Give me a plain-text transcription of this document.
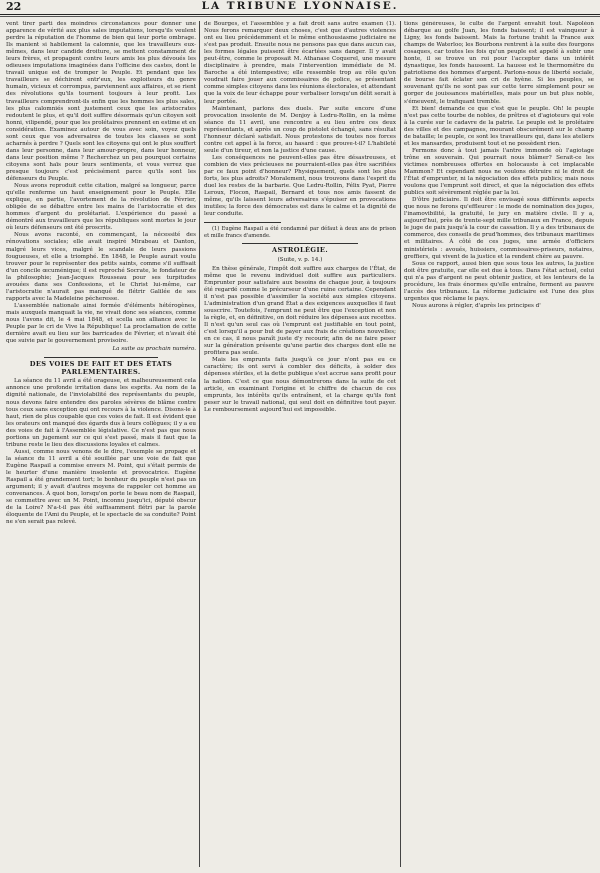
22	LA TRIBUNE LYONNAISE.

vent tirer parti des moindres circonstances pour donner une apparence de vérité aux plus sales imputations, lorsqu'ils veulent perdre la réputation de l'homme de bien qui leur porte ombrage. Ils manient si habilement la calomnie, que les travailleurs eux-mêmes, dans leur candide droiture, se mettent constamment de leurs frères, et propagent contre leurs amis les plus dévoués les odieuses imputations imaginées dans l'officine des castes, dont le travail unique est de tromper le Peuple. Et pendant que les travailleurs se déchirent entr'eux, les exploiteurs du genre humain, vicieux et corrompus, parviennent aux affaires, et se rient des révolutions qu'ils tournent toujours à leur profit. Les travailleurs comprendront-ils enfin que les hommes les plus sales, les plus calomniés sont justement ceux que les aristocrates redoutent le plus, et qu'il doit suffire désormais qu'un citoyen soit honni, vilipendé, pour que les prolétaires prennent en estime et en considération. Examinez autour de vous avec soin, voyez quels sont ceux que vos adversaires de toutes les classes se sont acharnés à perdre ? Quels sont les citoyens qui ont le plus souffert dans leur personne, dans leur amour-propre, dans leur honneur, dans leur position même ? Recherchez un peu pourquoi certains citoyens sont haïs pour leurs sentiments, et vous verrez que presque toujours c'est précisément parce qu'ils sont les défenseurs du Peuple.

Nous avons reproduit cette citation, malgré sa longueur, parce qu'elle renferme un haut enseignement pour le Peuple. Elle explique, en partie, l'avortement de la révolution de Février, obligée de se débattre entre les mains de l'aristocratie et des hommes d'argent du prolétariat. L'expérience du passé a démontré aux travailleurs que les républiques sont mortes le jour où leurs défenseurs ont été proscrits.

Nous avons raconté, en commençant, la nécessité des rénovations sociales; elle avait inspiré Mirabeau et Danton, malgré leurs vices, malgré le scandale de leurs passions fougueuses, et elle a triomphé. En 1848, le Peuple aurait voulu trouver pour le représenter des petits saints, comme s'il suffisait d'un concile œcuménique; il est reproché Socrate, le fondateur de la philosophie; Jean-Jacques Rousseau pour ses turpitudes avouées dans ses Confessions, et le Christ lui-même, car l'aristocratie n'aurait pas manqué de flétrir Galilée de ses rapports avec la Madeleine pécheresse.

L'assemblée nationale ainsi formée d'éléments hétérogènes, mais auxquels manquait la vie, ne vivait donc ses séances, comme nous l'avons dit, le 4 mai 1848, et scella son alliance avec le Peuple par le cri de Vive la République! La proclamation de cette dernière avait eu lieu sur les barricades de Février, et n'avait été que suivie par le gouvernement provisoire.

La suite au prochain numéro.
DES VOIES DE FAIT ET DES ÉTATS PARLEMENTAIRES.

La séance du 11 avril a été orageuse, et malheureusement cela annonce une profonde irritation dans les esprits. Au nom de la dignité nationale, de l'inviolabilité des représentants du peuple, nous devons faire entendre des paroles sévères de blâme contre tous ceux sans exception qui ont recours à la violence. Disons-le à haut, rien de plus coupable que ces voies de fait. Il est évident que les orateurs ont manqué des égards dus à leurs collègues; il y a eu des voies de fait à l'Assemblée législative. Ce n'est pas que nous portions un jugement sur ce qui s'est passé, mais il faut que la tribune reste le lieu des discussions loyales et calmes.

Aussi, comme nous venons de le dire, l'exemple se propage et la séance du 11 avril a été souillée par une voie de fait que Eugène Raspail a commise envers M. Point, qui s'était permis de le heurter d'une manière insolente et provocatrice. Eugène Raspail a été grandement tort; le bonheur du peuple n'est pas un argument; il y avait d'autres moyens de rappeler cet homme au convenances. À quoi bon, lorsqu'on porte le beau nom de Raspail, se commettre avec un M. Point, inconnu jusqu'ici, député obscur de la Loire? N'a-t-il pas été suffisamment flétri par la parole éloquente de l'Ami du Peuple, et le spectacle de sa conduite? Point ne s'en serait pas relevé.

de Bourges, et l'assemblée y a fait droit sans autre examen (1). Nous ferons remarquer deux choses, c'est que d'autres violences ont eu lieu précédemment et le même enthousiasme judiciaire ne s'est pas produit. Ensuite nous ne pensons pas que dans aucun cas, les formes légales puissent être écartées sans danger. Il y avait peut-être, comme le proposait M. Athanase Coquerel, une mesure disciplinaire à prendre, mais l'intervention immédiate de M. Baroche a été intempestive; elle ressemble trop au rôle qu'on voudrait faire jouer aux commissaires de police, se présentant comme simples citoyens dans les réunions électorales, et attendant que la voix de leur échappe pour verbaliser lorsqu'un délit serait à leur portée.

Maintenant, parlons des duels. Par suite encore d'une provocation insolente de M. Denjoy à Ledru-Rollin, en la même séance du 11 avril, une rencontre a eu lieu entre ces deux représentants, et après un coup de pistolet échangé, sans résultat l'honneur déclaré satisfait. Nous protestons de toutes nos forces contre cet appel à la force, au hasard : que prouve-t-il? L'habileté seule d'un tireur, et non la justice d'une cause.

Les conséquences ne peuvent-elles pas être désastreuses, et combien de vies précieuses ne pourraient-elles pas être sacrifiées par ce faux point d'honneur? Physiquement, quels sont les plus forts, les plus adroits? Moralement, nous trouvons dans l'esprit du duel les restes de la barbarie. Que Ledru-Rollin, Félix Pyat, Pierre Leroux, Flocon, Raspail, Bernard et tous nos amis fassent de même, qu'ils laissent leurs adversaires s'épuiser en provocations inutiles; la force des démocrates est dans le calme et la dignité de leur conduite.

(1) Eugène Raspail a été condamné par défaut à deux ans de prison et mille francs d'amende.

ASTROLÉGIE.
(Suite, v. p. 14.)

En thèse générale, l'impôt doit suffire aux charges de l'État, de même que le revenu individuel doit suffire aux particuliers. Emprunter pour satisfaire aux besoins de chaque jour, à toujours été regardé comme le précurseur d'une ruine certaine. Cependant il n'est pas possible d'assimiler la société aux simples citoyens. L'administration d'un grand État a des exigences auxquelles il faut souscrire. Toutefois, l'emprunt ne peut être que l'exception et non la règle, et, en définitive, on doit réduire les dépenses aux recettes. Il n'est qu'un seul cas où l'emprunt est justifiable en tout point, c'est lorsqu'il a pour but de payer aux frais de créations nouvelles; en ce cas, il nous paraît juste d'y recourir, afin de ne faire peser sur la génération présente qu'une partie des charges dont elle ne profitera pas seule.

Mais les emprunts faits jusqu'à ce jour n'ont pas eu ce caractère; ils ont servi à combler des déficits, à solder des dépenses stériles, et la dette publique s'est accrue sans profit pour la nation. C'est ce que nous démontrerons dans la suite de cet article, en examinant l'origine et le chiffre de chacun de ces emprunts, les intérêts qu'ils entraînent, et la charge qu'ils font peser sur le travail national, qui seul doit en définitive tout payer. Le remboursement aujourd'hui est impossible.

tions généreuses, le culte de l'argent envahit tout. Napoléon débarque au golfe Juan, les fonds baissent; il est vainqueur à Ligny, les fonds baissent. Mais la fortune trahit la France aux champs de Waterloo; les Bourbons rentrent à la suite des fourgons cosaques, car toutes les fois qu'un peuple est appelé à subir une honte, il se trouve un roi pour l'accepter dans un intérêt dynastique, les fonds haussent. La hausse est le thermomètre du patriotisme des hommes d'argent. Parlons-nous de liberté sociale, de bourse fait éclater son cri de hyène. Si les peuples, se souvenant qu'ils ne sont pas sur cette terre simplement pour se gorger de jouissances matérielles, mais pour un but plus noble, s'émeuvent, le trafiquant tremble.

Et bien! demande ce que c'est que le peuple. Oh! le peuple n'est pas cette tourbe de nobles, de prêtres et d'agioteurs qui vole à la curée sur le cadavre de la patrie. Le peuple est le prolétaire des villes et des campagnes, mourant obscurément sur le champ de bataille; le peuple, ce sont les travailleurs qui, dans les ateliers et les mansardes, produisent tout et ne possèdent rien.

Fermons donc à tout jamais l'antre immonde où l'agiotage trône en souverain. Qui pourrait nous blâmer? Serait-ce les victimes nombreuses offertes en holocauste à cet implacable Mammon? Et cependant nous ne voulons détruire ni le droit de l'État d'emprunter, ni la négociation des effets publics; mais nous voulons que l'emprunt soit direct, et que la négociation des effets publics soit sévèrement réglée par la loi.

D'ôtre judiciaire. Il doit être envisagé sous différents aspects que nous ne ferons qu'effleurer : le mode de nomination des juges, l'inamovibilité, la gratuité, le jury en matière civile. Il y a, aujourd'hui, près de trente-sept mille tribunaux en France, depuis le juge de paix jusqu'à la cour de cassation. Il y a des tribunaux de commerce, des conseils de prud'hommes, des tribunaux maritimes et militaires. À côté de ces juges, une armée d'officiers ministériels : avoués, huissiers, commissaires-priseurs, notaires, greffiers, qui vivent de la justice et la rendent chère au pauvre.

Sous ce rapport, aussi bien que sous tous les autres, la justice doit être gratuite, car elle est due à tous. Dans l'état actuel, celui qui n'a pas d'argent ne peut obtenir justice, et les lenteurs de la procédure, les frais énormes qu'elle entraîne, ferment au pauvre l'accès des tribunaux. La réforme judiciaire est l'une des plus urgentes que réclame le pays.

Nous aurons à régler, d'après les principes d'
